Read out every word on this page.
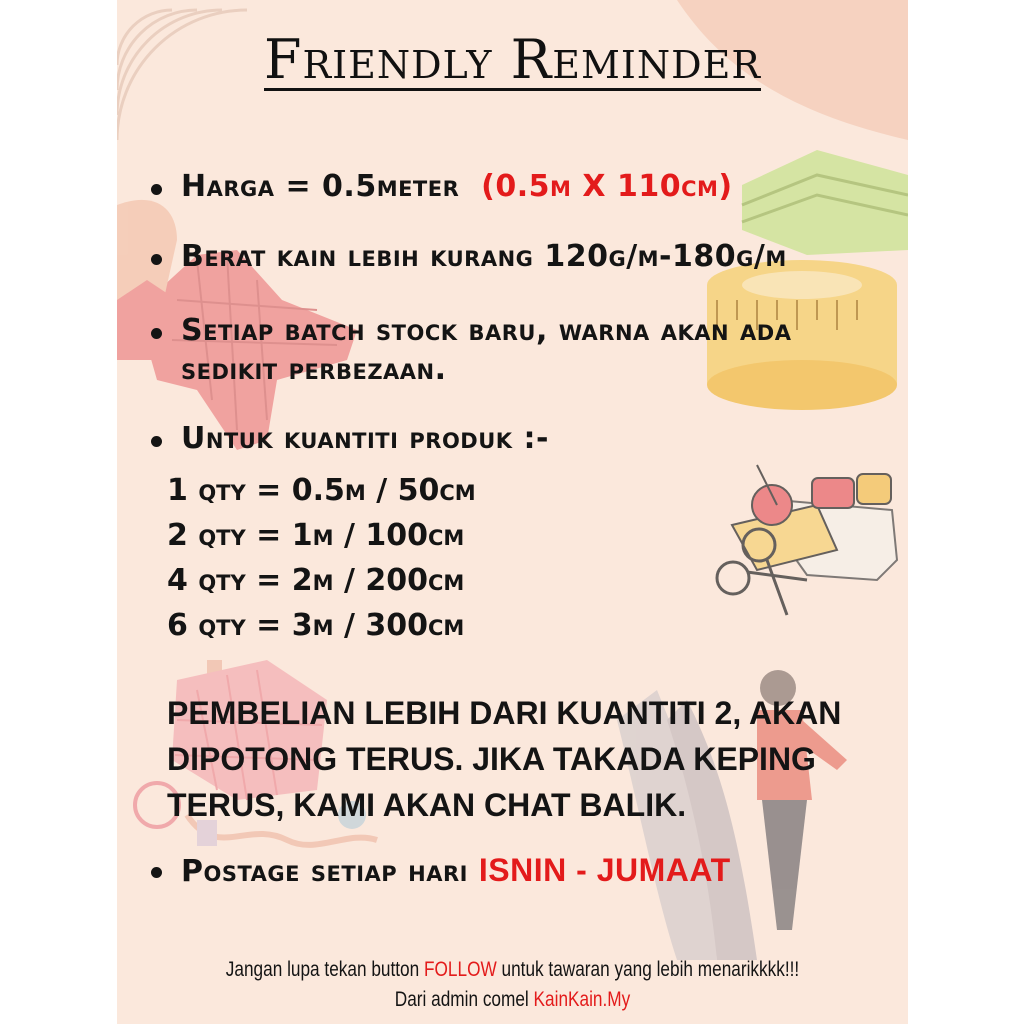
Friendly Reminder

Harga = 0.5meter (0.5m X 110cm)

Berat kain lebih kurang 120g/m-180g/m

Setiap batch stock baru, warna akan ada

sedikit perbezaan.

Untuk kuantiti produk :-

1 qty = 0.5m / 50cm

2 qty = 1m / 100cm

4 qty = 2m / 200cm

6 qty = 3m / 300cm

PEMBELIAN LEBIH DARI KUANTITI 2, AKAN

DIPOTONG TERUS. JIKA TAKADA KEPING

TERUS, KAMI AKAN CHAT BALIK.

Postage setiap hari ISNIN - JUMAAT

Jangan lupa tekan button FOLLOW untuk tawaran yang lebih menarikkkk!!!

Dari admin comel KainKain.My
